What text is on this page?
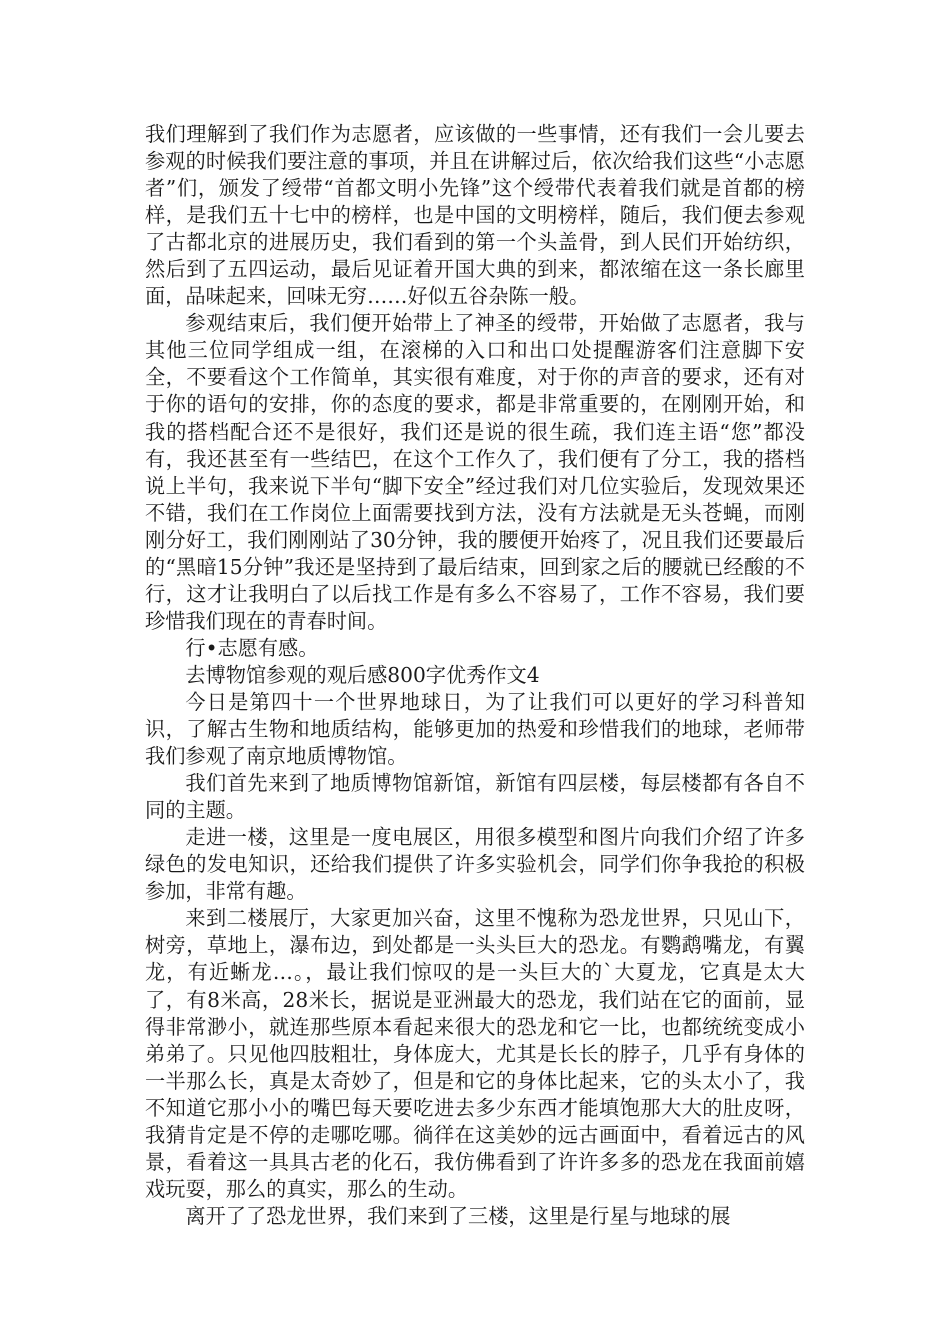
我们理解到了我们作为志愿者，应该做的一些事情，还有我们一会儿要去参观的时候我们要注意的事项，并且在讲解过后，依次给我们这些“小志愿者”们，颁发了绶带“首都文明小先锋”这个绶带代表着我们就是首都的榜样，是我们五十七中的榜样，也是中国的文明榜样，随后，我们便去参观了古都北京的进展历史，我们看到的第一个头盖骨，到人民们开始纺织，然后到了五四运动，最后见证着开国大典的到来，都浓缩在这一条长廊里面，品味起来，回味无穷……好似五谷杂陈一般。

参观结束后，我们便开始带上了神圣的绶带，开始做了志愿者，我与其他三位同学组成一组，在滚梯的入口和出口处提醒游客们注意脚下安全，不要看这个工作简单，其实很有难度，对于你的声音的要求，还有对于你的语句的安排，你的态度的要求，都是非常重要的，在刚刚开始，和我的搭档配合还不是很好，我们还是说的很生疏，我们连主语“您”都没有，我还甚至有一些结巴，在这个工作久了，我们便有了分工，我的搭档说上半句，我来说下半句“脚下安全”经过我们对几位实验后，发现效果还不错，我们在工作岗位上面需要找到方法，没有方法就是无头苍蝇，而刚刚分好工，我们刚刚站了30分钟，我的腰便开始疼了，况且我们还要最后的“黑暗15分钟”我还是坚持到了最后结束，回到家之后的腰就已经酸的不行，这才让我明白了以后找工作是有多么不容易了，工作不容易，我们要珍惜我们现在的青春时间。

行•志愿有感。

去博物馆参观的观后感800字优秀作文4

今日是第四十一个世界地球日，为了让我们可以更好的学习科普知识，了解古生物和地质结构，能够更加的热爱和珍惜我们的地球，老师带我们参观了南京地质博物馆。

我们首先来到了地质博物馆新馆，新馆有四层楼，每层楼都有各自不同的主题。

走进一楼，这里是一度电展区，用很多模型和图片向我们介绍了许多绿色的发电知识，还给我们提供了许多实验机会，同学们你争我抢的积极参加，非常有趣。

来到二楼展厅，大家更加兴奋，这里不愧称为恐龙世界，只见山下，树旁，草地上，瀑布边，到处都是一头头巨大的恐龙。有鹦鹉嘴龙，有翼龙，有近蜥龙…。，最让我们惊叹的是一头巨大的`大夏龙，它真是太大了，有8米高，28米长，据说是亚洲最大的恐龙，我们站在它的面前，显得非常渺小，就连那些原本看起来很大的恐龙和它一比，也都统统变成小弟弟了。只见他四肢粗壮，身体庞大，尤其是长长的脖子，几乎有身体的一半那么长，真是太奇妙了，但是和它的身体比起来，它的头太小了，我不知道它那小小的嘴巴每天要吃进去多少东西才能填饱那大大的肚皮呀，我猜肯定是不停的走哪吃哪。徜徉在这美妙的远古画面中，看着远古的风景，看着这一具具古老的化石，我仿佛看到了许许多多的恐龙在我面前嬉戏玩耍，那么的真实，那么的生动。

离开了了恐龙世界，我们来到了三楼，这里是行星与地球的展
